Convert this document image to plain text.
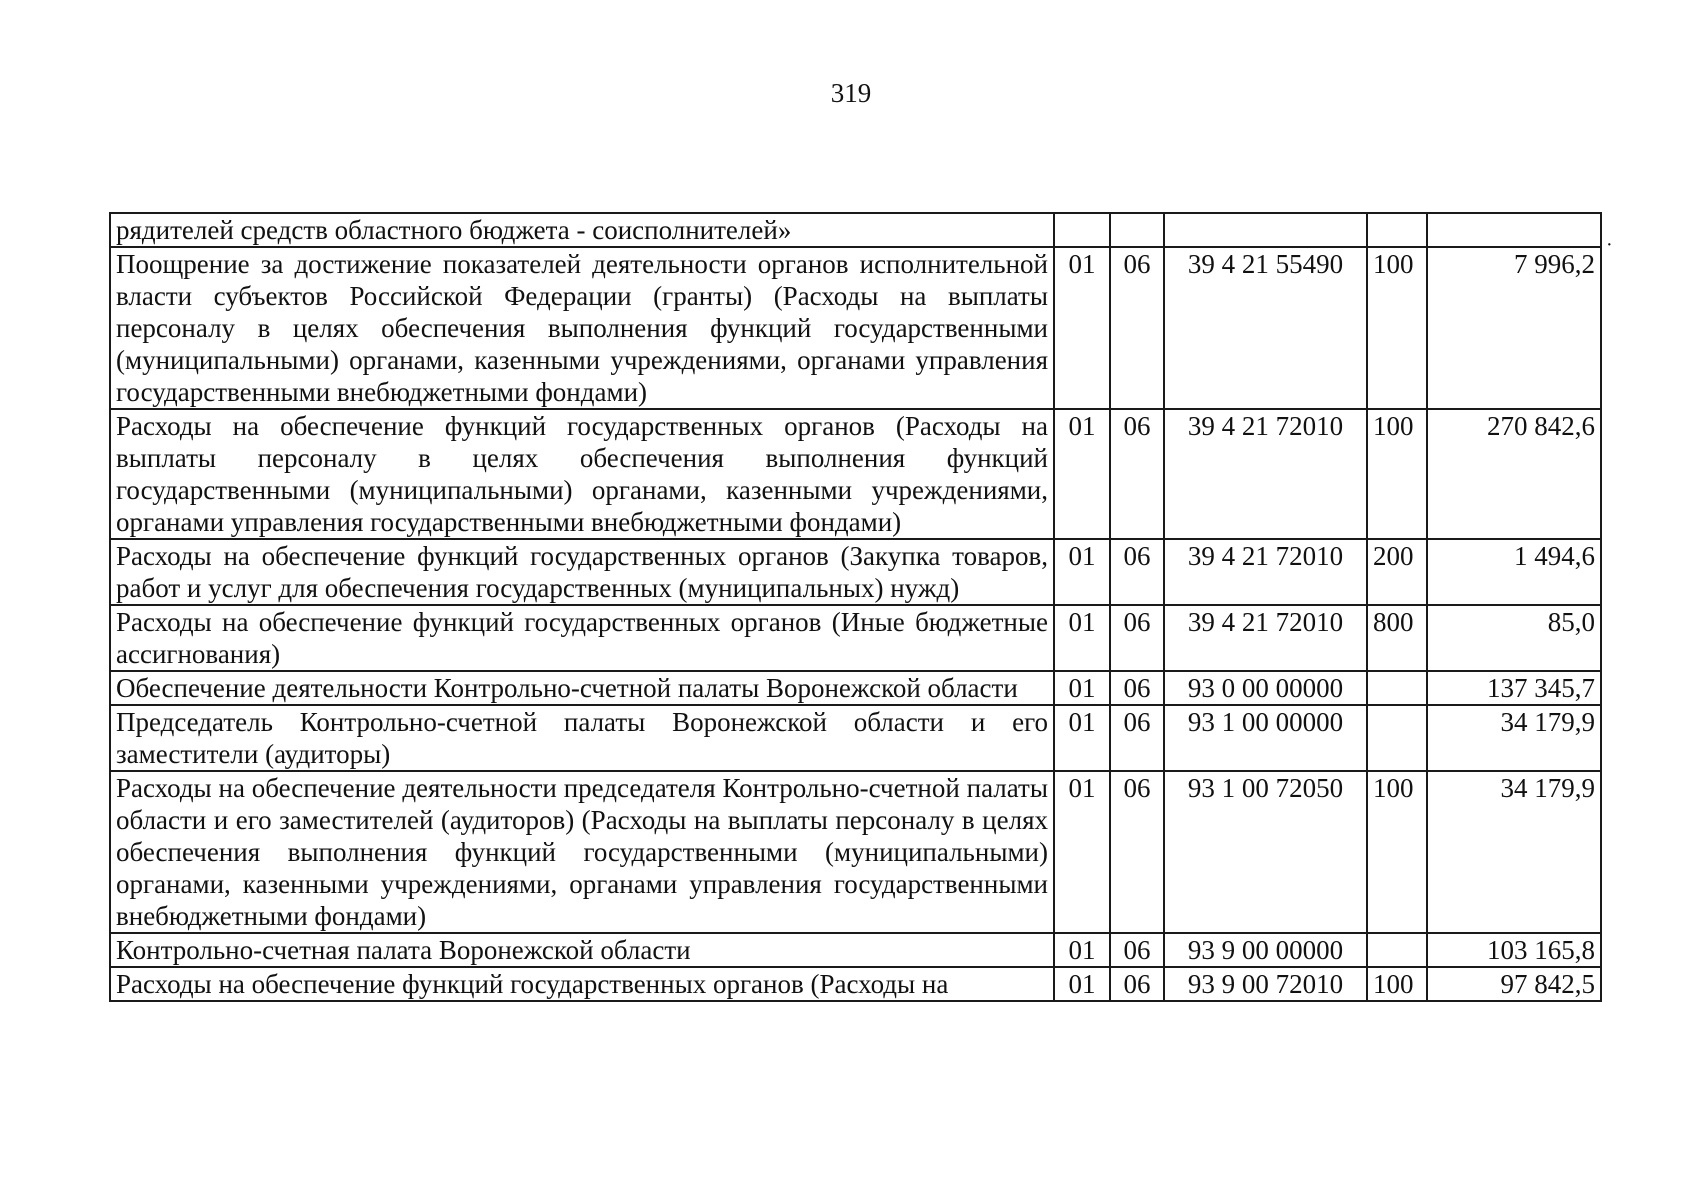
319
·
рядителей средств областного бюджета - соисполнителей»					
Поощрение за достижение показателей деятельности органов исполнительной власти субъектов Российской Федерации (гранты) (Расходы на выплаты персоналу в целях обеспечения выполнения функций государственными (муниципальными) органами, казенными учреждениями, органами управления государственными внебюджетными фондами)	01	06	39 4 21 55490	100	7 996,2
Расходы на обеспечение функций государственных органов (Расходы на выплаты персоналу в целях обеспечения выполнения функций государственными (муниципальными) органами, казенными учреждениями, органами управления государственными внебюджетными фондами)	01	06	39 4 21 72010	100	270 842,6
Расходы на обеспечение функций государственных органов (Закупка товаров, работ и услуг для обеспечения государственных (муниципальных) нужд)	01	06	39 4 21 72010	200	1 494,6
Расходы на обеспечение функций государственных органов (Иные бюджетные ассигнования)	01	06	39 4 21 72010	800	85,0
Обеспечение деятельности Контрольно-счетной палаты Воронежской области	01	06	93 0 00 00000		137 345,7
Председатель Контрольно-счетной палаты Воронежской области и его заместители (аудиторы)	01	06	93 1 00 00000		34 179,9
Расходы на обеспечение деятельности председателя Контрольно-счетной палаты области и его заместителей (аудиторов) (Расходы на выплаты персоналу в целях обеспечения выполнения функций государственными (муниципальными) органами, казенными учреждениями, органами управления государственными внебюджетными фондами)	01	06	93 1 00 72050	100	34 179,9
Контрольно-счетная палата Воронежской области	01	06	93 9 00 00000		103 165,8
Расходы на обеспечение функций государственных органов (Расходы на	01	06	93 9 00 72010	100	97 842,5
